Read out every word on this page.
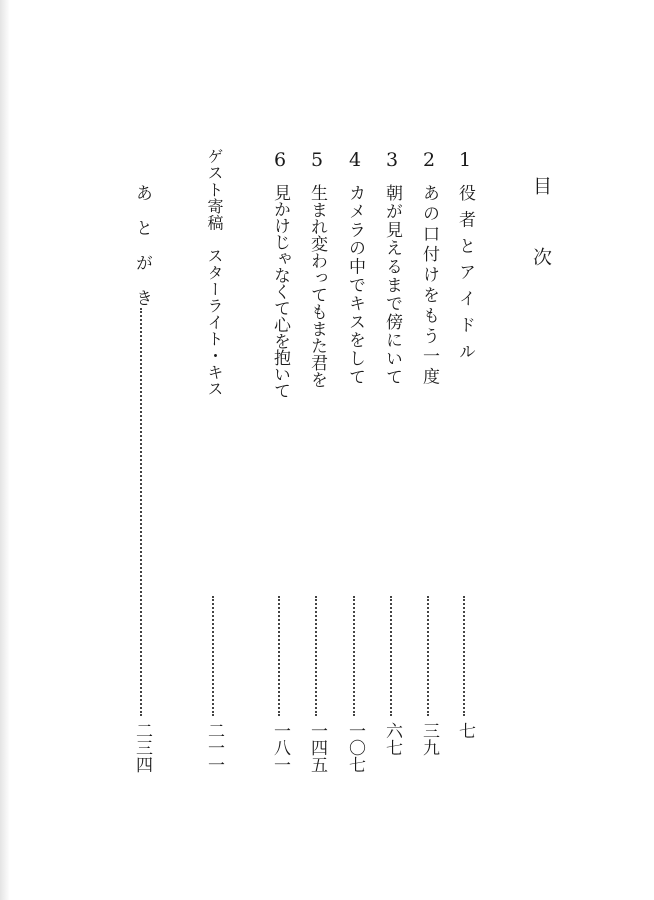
目次
1
役者とアイドル
七
2
あの口付けをもう一度
三九
3
朝が見えるまで傍にいて
六七
4
カメラの中でキスをして
一〇七
5
生まれ変わってもまた君を
一四五
6
見かけじゃなくて心を抱いて
一八一
ゲスト寄稿　スターライト・キス
二一一
あとがき
二三四
